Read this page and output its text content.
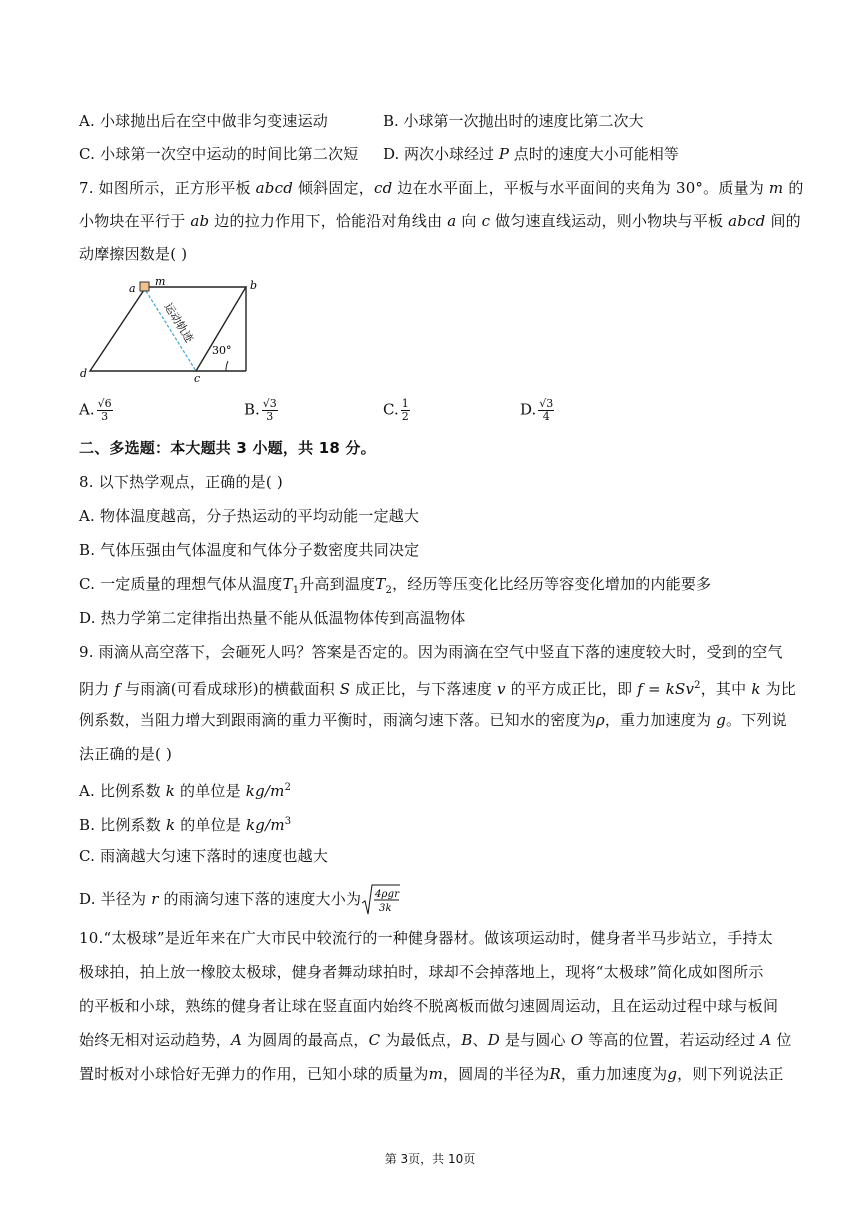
A. 小球抛出后在空中做非匀变速运动	B. 小球第一次抛出时的速度比第二次大
C. 小球第一次空中运动的时间比第二次短 D. 两次小球经过 P 点时的速度大小可能相等
7. 如图所示，正方形平板 abcd 倾斜固定，cd 边在水平面上，平板与水平面间的夹角为 30°。质量为 m 的
小物块在平行于 ab 边的拉力作用下，恰能沿对角线由 a 向 c 做匀速直线运动，则小物块与平板 abcd 间的
动摩擦因数是( )
a
m	b
c
d
运动轨迹
30°
A. $\frac{√6}{3}$	B. $\frac{√3}{3}$	C. $\frac{1}{2}$	D. $\frac{√3}{4}$
二、多选题：本大题共 3 小题，共 18 分。
8. 以下热学观点，正确的是( )
A. 物体温度越高，分子热运动的平均动能一定越大
B. 气体压强由气体温度和气体分子数密度共同决定
C. 一定质量的理想气体从温度$T_1$升高到温度$T_2$，经历等压变化比经历等容变化增加的内能要多
D. 热力学第二定律指出热量不能从低温物体传到高温物体
9. 雨滴从高空落下，会砸死人吗？答案是否定的。因为雨滴在空气中竖直下落的速度较大时，受到的空气
阴力 f 与雨滴(可看成球形)的横截面积 S 成正比，与下落速度 v 的平方成正比，即 f = kSv$^2$，其中 k 为比
例系数，当阻力增大到跟雨滴的重力平衡时，雨滴匀速下落。已知水的密度为ρ，重力加速度为 g。下列说
法正确的是( )
A. 比例系数 k 的单位是 $kg/m^2$
B. 比例系数 k 的单位是 $kg/m^3$
C. 雨滴越大匀速下落时的速度也越大
D. 半径为 r 的雨滴匀速下落的速度大小为 4ρgr
3k
10.“太极球”是近年来在广大市民中较流行的一种健身器材。做该项运动时，健身者半马步站立，手持太
极球拍，拍上放一橡胶太极球，健身者舞动球拍时，球却不会掉落地上，现将“太极球”简化成如图所示
的平板和小球，熟练的健身者让球在竖直面内始终不脱离板而做匀速圆周运动，且在运动过程中球与板间
始终无相对运动趋势，A 为圆周的最高点，C 为最低点，B、D 是与圆心 O 等高的位置，若运动经过 A 位
置时板对小球恰好无弹力的作用，已知小球的质量为m，圆周的半径为R，重力加速度为g，则下列说法正
第 3页，共 10页
